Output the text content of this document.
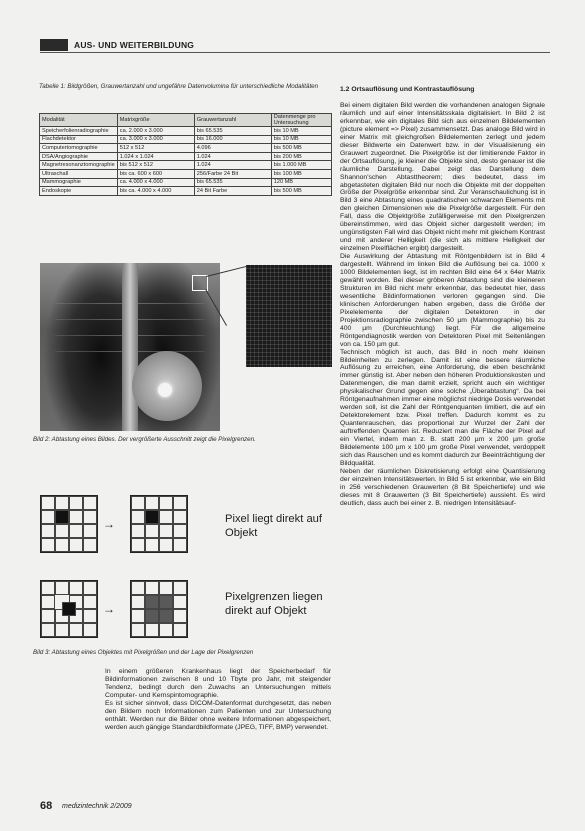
AUS- UND WEITERBILDUNG
Tabelle 1: Bildgrößen, Grauwertanzahl und ungefähre Datenvolumina für unterschiedliche Modalitäten
Modalität	Matrixgröße	Grauwertanzahl	Datenmenge pro Untersuchung
Speicherfolienradiographie	ca. 2.000 x 3.000	bis 65.535	bis 10 MB
Flachdetektor	ca. 3.000 x 3.000	bis 16.000	bis 10 MB
Computertomographie	512 x 512	4.096	bis 500 MB
DSA/Angiographie	1.024 x 1.024	1.024	bis 200 MB
Magnetresonanztomographie	bis 512 x 512	1.024	bis 1.000 MB
Ultraschall	bis ca. 600 x 600	256/Farbe 24 Bit	bis 100 MB
Mammographie	ca. 4.000 x 4.000	bis 65.535	120 MB
Endoskopie	bis ca. 4.000 x 4.000	24 Bit Farbe	bis 500 MB
Bild 2: Abtastung eines Bildes. Der vergrößerte Ausschnitt zeigt die Pixelgrenzen.
→	Pixel liegt direkt auf Objekt
→
Pixelgrenzen liegen direkt auf Objekt
Bild 3: Abtastung eines Objektes mit Pixelgrößen und der Lage der Pixelgrenzen

In einem größeren Krankenhaus liegt der Speicherbedarf für Bildinformationen zwischen 8 und 10 Tbyte pro Jahr, mit steigender Tendenz, bedingt durch den Zuwachs an Untersuchungen mittels Computer- und Kernspintomographie.

Es ist sicher sinnvoll, dass DICOM-Datenformat durchgesetzt, das neben den Bildern noch Informationen zum Patienten und zur Untersuchung enthält. Werden nur die Bilder ohne weitere Informationen abgespeichert, werden auch gängige Standardbildformate (JPEG, TIFF, BMP) verwendet.

1.2 Ortsauflösung und Kontrastauflösung

Bei einem digitalen Bild werden die vorhandenen analogen Signale räumlich und auf einer Intensitätsskala digitalisiert. In Bild 2 ist erkennbar, wie ein digitales Bild sich aus einzelnen Bildelementen (picture element => Pixel) zusammensetzt. Das analoge Bild wird in einer Matrix mit gleichgroßen Bildelementen zerlegt und jedem dieser Bildwerte ein Datenwert bzw. in der Visualisierung ein Grauwert zugeordnet. Die Pixelgröße ist der limitierende Faktor in der Ortsauflösung, je kleiner die Objekte sind, desto genauer ist die räumliche Darstellung. Dabei zeigt das Darstellung dem Shannon'schen Abtasttheorem; dies bedeutet, dass im abgetasteten digitalen Bild nur noch die Objekte mit der doppelten Größe der Pixelgröße erkennbar sind. Zur Veranschaulichung ist in Bild 3 eine Abtastung eines quadratischen schwarzen Elements mit den gleichen Dimensionen wie die Pixelgröße dargestellt. Für den Fall, dass die Objektgröße zufälligerweise mit den Pixelgrenzen übereinstimmen, wird das Objekt sicher dargestellt werden; im ungünstigsten Fall wird das Objekt nicht mehr mit gleichem Kontrast und mit anderer Helligkeit (die sich als mittlere Helligkeit der einzelnen Pixelflächen ergibt) dargestellt.

Die Auswirkung der Abtastung mit Röntgenbildern ist in Bild 4 dargestellt. Während im linken Bild die Auflösung bei ca. 1000 x 1000 Bildelementen liegt, ist im rechten Bild eine 64 x 64er Matrix gewählt worden. Bei dieser gröberen Abtastung sind die kleineren Strukturen im Bild nicht mehr erkennbar, das bedeutet hier, dass wesentliche Bildinformationen verloren gegangen sind. Die klinischen Anforderungen haben ergeben, dass die Größe der Pixelelemente der digitalen Detektoren in der Projektionsradiographie zwischen 50 µm (Mammographie) bis zu 400 µm (Durchleuchtung) liegt. Für die allgemeine Röntgendiagnostik werden von Detektoren Pixel mit Seitenlängen von ca. 150 µm gut.

Technisch möglich ist auch, das Bild in noch mehr kleinen Bildeinheiten zu zerlegen. Damit ist eine bessere räumliche Auflösung zu erreichen, eine Anforderung, die eben beschränkt immer günstig ist. Aber neben den höheren Produktionskosten und Datenmengen, die man damit erzielt, spricht auch ein wichtiger physikalischer Grund gegen eine solche „Überabtastung“. Da bei Röntgenaufnahmen immer eine möglichst niedrige Dosis verwendet werden soll, ist die Zahl der Röntgenquanten limitiert, die auf ein Detektorelement bzw. Pixel treffen. Dadurch kommt es zu Quantenrauschen, das proportional zur Wurzel der Zahl der auftreffenden Quanten ist. Reduziert man die Fläche der Pixel auf ein Viertel, indem man z. B. statt 200 µm x 200 µm große Bildelemente 100 µm x 100 µm große Pixel verwendet, verdoppelt sich das Rauschen und es kommt dadurch zur Beeinträchtigung der Bildqualität.

Neben der räumlichen Diskretisierung erfolgt eine Quantisierung der einzelnen Intensitätswerten. In Bild 5 ist erkennbar, wie ein Bild in 256 verschiedenen Grauwerten (8 Bit Speichertiefe) und wie dieses mit 8 Grauwerten (3 Bit Speichertiefe) aussieht. Es wird deutlich, dass auch bei einer z. B. niedrigen Intensitätsauf-

68 medizintechnik 2/2009
